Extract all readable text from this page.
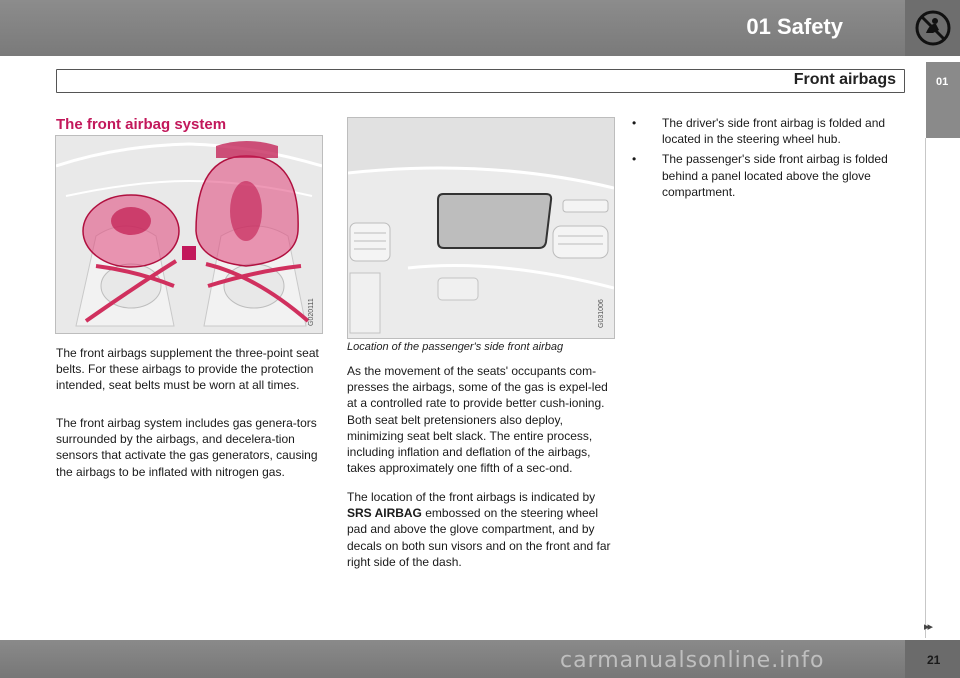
01 Safety
Front airbags	01
The front airbag system
G020111

The front airbags supplement the three-point seat belts. For these airbags to provide the protection intended, seat belts must be worn at all times.

The front airbag system includes gas genera-tors surrounded by the airbags, and decelera-tion sensors that activate the gas generators, causing the airbags to be inflated with nitrogen gas.

G031006

Location of the passenger's side front airbag

As the movement of the seats' occupants com-presses the airbags, some of the gas is expel-led at a controlled rate to provide better cush-ioning. Both seat belt pretensioners also deploy, minimizing seat belt slack. The entire process, including inflation and deflation of the airbags, takes approximately one fifth of a sec-ond.

The location of the front airbags is indicated by SRS AIRBAG embossed on the steering wheel pad and above the glove compartment, and by decals on both sun visors and on the front and far right side of the dash.

• The driver's side front airbag is folded and located in the steering wheel hub.
• The passenger's side front airbag is folded behind a panel located above the glove compartment.
▸▸
carmanualsonline.info	21
